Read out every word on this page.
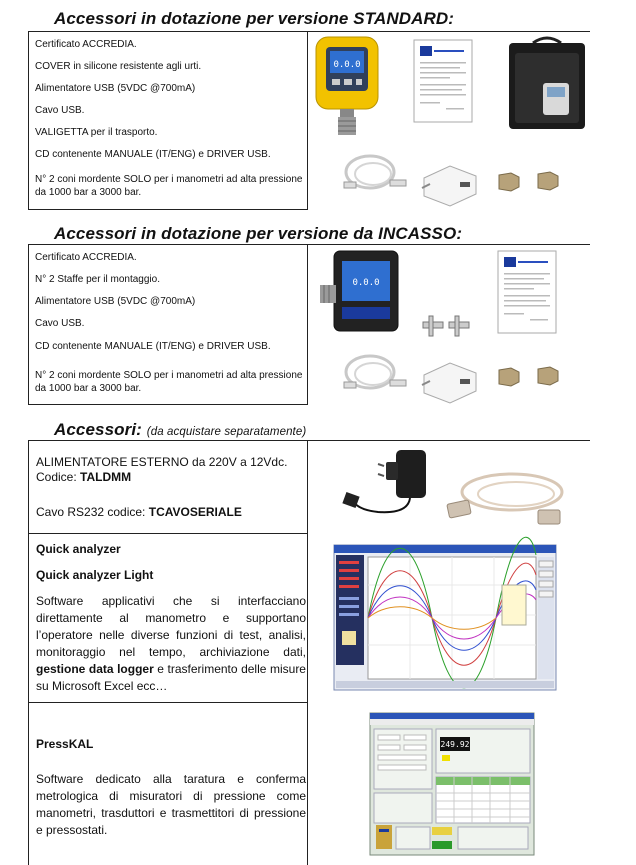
Accessori in dotazione per versione STANDARD:
Certificato ACCREDIA.
COVER in silicone resistente agli urti.
Alimentatore USB (5VDC @700mA)
Cavo USB.
VALIGETTA per il trasporto.
CD contenente MANUALE (IT/ENG) e DRIVER USB.
N° 2 coni mordente SOLO per i manometri ad alta pressione da 1000 bar a 3000 bar.
0.0.0
Accessori in dotazione per versione da INCASSO:
Certificato ACCREDIA.
N° 2 Staffe per il montaggio.
Alimentatore USB (5VDC @700mA)
Cavo USB.
CD contenente MANUALE (IT/ENG) e DRIVER USB.
N° 2 coni mordente SOLO per i manometri ad alta pressione da 1000 bar a 3000 bar.
0.0.0
Accessori: (da acquistare separatamente)
ALIMENTATORE ESTERNO da 220V a 12Vdc.
Codice: TALDMM
Cavo RS232 codice: TCAVOSERIALE
Quick analyzer
Quick analyzer Light
Software applicativi che si interfacciano direttamente al manometro e supportano l’operatore nelle diverse funzioni di test, analisi, monitoraggio nel tempo, archiviazione dati, gestione data logger e trasferimento delle misure su Microsoft Excel ecc…
PressKAL
Software dedicato alla taratura e conferma metrologica di misuratori di pressione come manometri, trasduttori e trasmettitori di pressione e pressostati.
249.92
